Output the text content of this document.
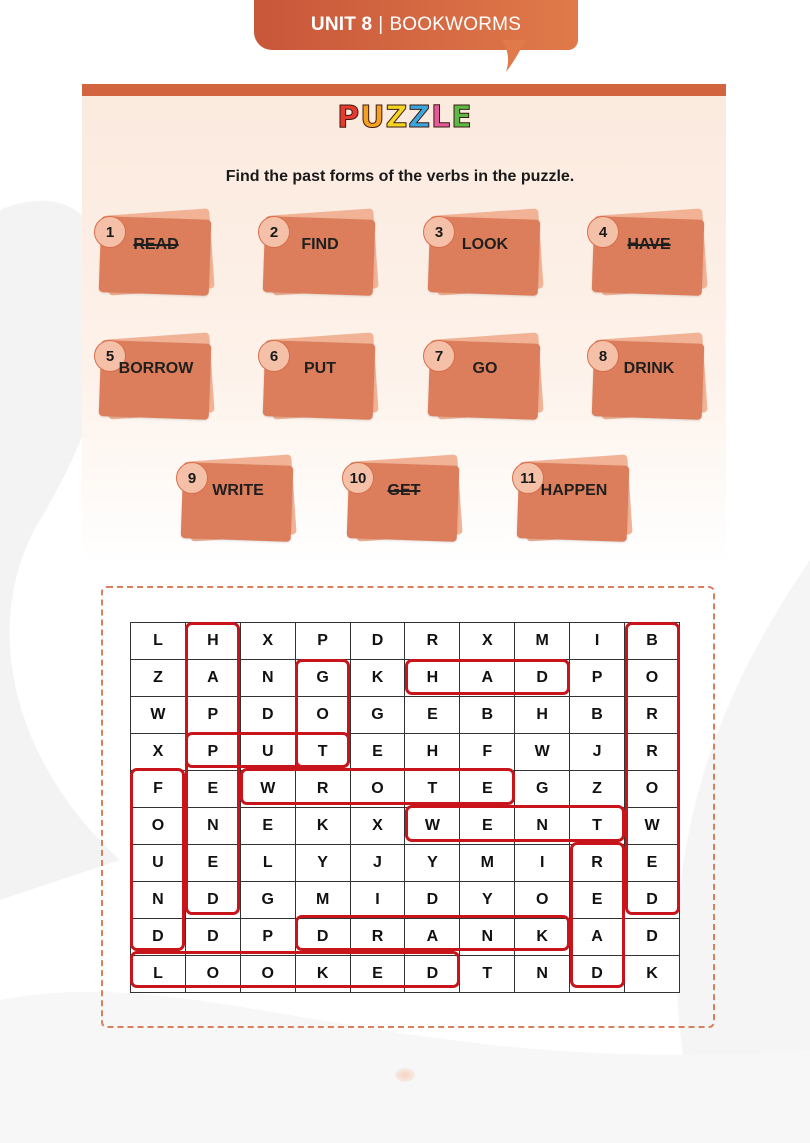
UNIT 8 | BOOKWORMS
PUZZLE
Find the past forms of the verbs in the puzzle.
1
READ
2
FIND
3
LOOK
4
HAVE
5
BORROW
6
PUT
7
GO
8
DRINK
9
WRITE
10
GET
11
HAPPEN
L	H	X	P	D	R	X	M	I	B
Z	A	N	G	K	H	A	D	P	O
W	P	D	O	G	E	B	H	B	R
X	P	U	T	E	H	F	W	J	R
F	E	W	R	O	T	E	G	Z	O
O	N	E	K	X	W	E	N	T	W
U	E	L	Y	J	Y	M	I	R	E
N	D	G	M	I	D	Y	O	E	D
D	D	P	D	R	A	N	K	A	D
L	O	O	K	E	D	T	N	D	K
